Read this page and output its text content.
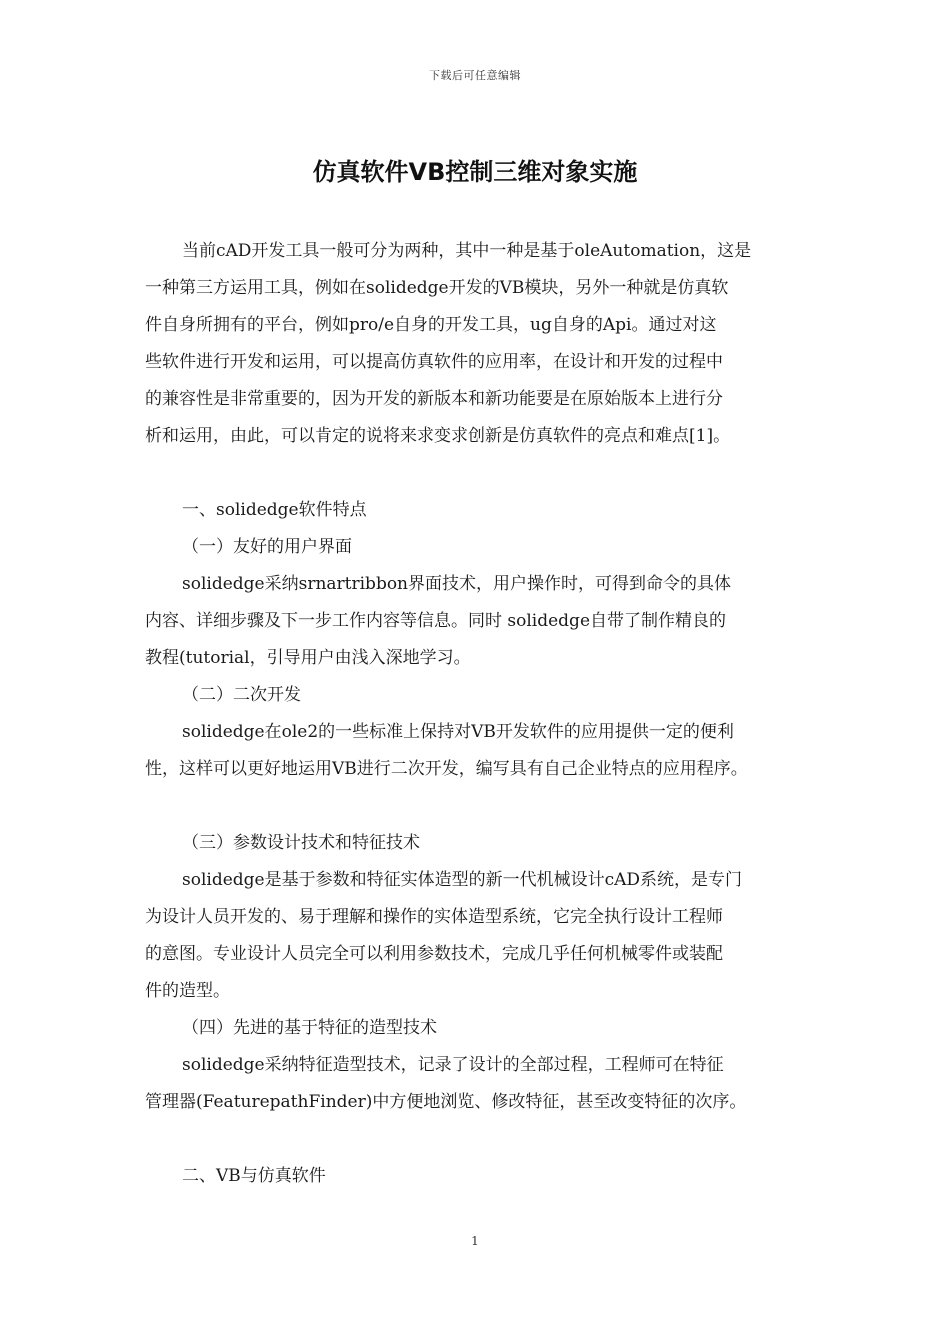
下载后可任意编辑
仿真软件VB控制三维对象实施
当前cAD开发工具一般可分为两种，其中一种是基于oleAutomation，这是
一种第三方运用工具，例如在solidedge开发的VB模块，另外一种就是仿真软
件自身所拥有的平台，例如pro/e自身的开发工具，ug自身的Api。通过对这
些软件进行开发和运用，可以提高仿真软件的应用率，在设计和开发的过程中
的兼容性是非常重要的，因为开发的新版本和新功能要是在原始版本上进行分
析和运用，由此，可以肯定的说将来求变求创新是仿真软件的亮点和难点[1]。
一、solidedge软件特点
（一）友好的用户界面
solidedge采纳srnartribbon界面技术，用户操作时，可得到命令的具体
内容、详细步骤及下一步工作内容等信息。同时 solidedge自带了制作精良的
教程(tutorial，引导用户由浅入深地学习。
（二）二次开发
solidedge在ole2的一些标准上保持对VB开发软件的应用提供一定的便利
性，这样可以更好地运用VB进行二次开发，编写具有自己企业特点的应用程序。
（三）参数设计技术和特征技术
solidedge是基于参数和特征实体造型的新一代机械设计cAD系统，是专门
为设计人员开发的、易于理解和操作的实体造型系统，它完全执行设计工程师
的意图。专业设计人员完全可以利用参数技术，完成几乎任何机械零件或装配
件的造型。
（四）先进的基于特征的造型技术
solidedge采纳特征造型技术，记录了设计的全部过程，工程师可在特征
管理器(FeaturepathFinder)中方便地浏览、修改特征，甚至改变特征的次序。
二、VB与仿真软件
1
